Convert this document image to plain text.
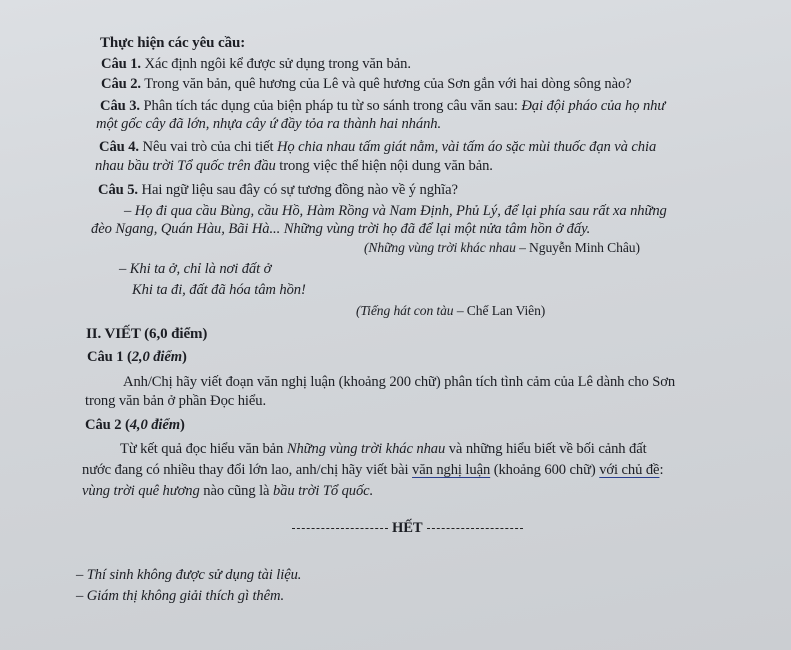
Thực hiện các yêu cầu:
Câu 1. Xác định ngôi kể được sử dụng trong văn bản.
Câu 2. Trong văn bản, quê hương của Lê và quê hương của Sơn gắn với hai dòng sông nào?
Câu 3. Phân tích tác dụng của biện pháp tu từ so sánh trong câu văn sau: Đại đội pháo của họ như
một gốc cây đã lớn, nhựa cây ứ đầy tỏa ra thành hai nhánh.
Câu 4. Nêu vai trò của chi tiết Họ chia nhau tấm giát nằm, vài tấm áo sặc mùi thuốc đạn và chia
nhau bầu trời Tổ quốc trên đầu trong việc thể hiện nội dung văn bản.
Câu 5. Hai ngữ liệu sau đây có sự tương đồng nào về ý nghĩa?
– Họ đi qua cầu Bùng, cầu Hồ, Hàm Rồng và Nam Định, Phủ Lý, để lại phía sau rất xa những
đèo Ngang, Quán Hàu, Bãi Hà... Những vùng trời họ đã để lại một nửa tâm hồn ở đấy.
(Những vùng trời khác nhau – Nguyễn Minh Châu)
– Khi ta ở, chỉ là nơi đất ở
Khi ta đi, đất đã hóa tâm hồn!
(Tiếng hát con tàu – Chế Lan Viên)
II. VIẾT (6,0 điểm)
Câu 1 (2,0 điểm)
Anh/Chị hãy viết đoạn văn nghị luận (khoảng 200 chữ) phân tích tình cảm của Lê dành cho Sơn
trong văn bản ở phần Đọc hiểu.
Câu 2 (4,0 điểm)
Từ kết quả đọc hiểu văn bản Những vùng trời khác nhau và những hiểu biết về bối cảnh đất
nước đang có nhiều thay đổi lớn lao, anh/chị hãy viết bài văn nghị luận (khoảng 600 chữ) với chủ đề:
vùng trời quê hương nào cũng là bầu trời Tổ quốc.
HẾT
– Thí sinh không được sử dụng tài liệu.
– Giám thị không giải thích gì thêm.
